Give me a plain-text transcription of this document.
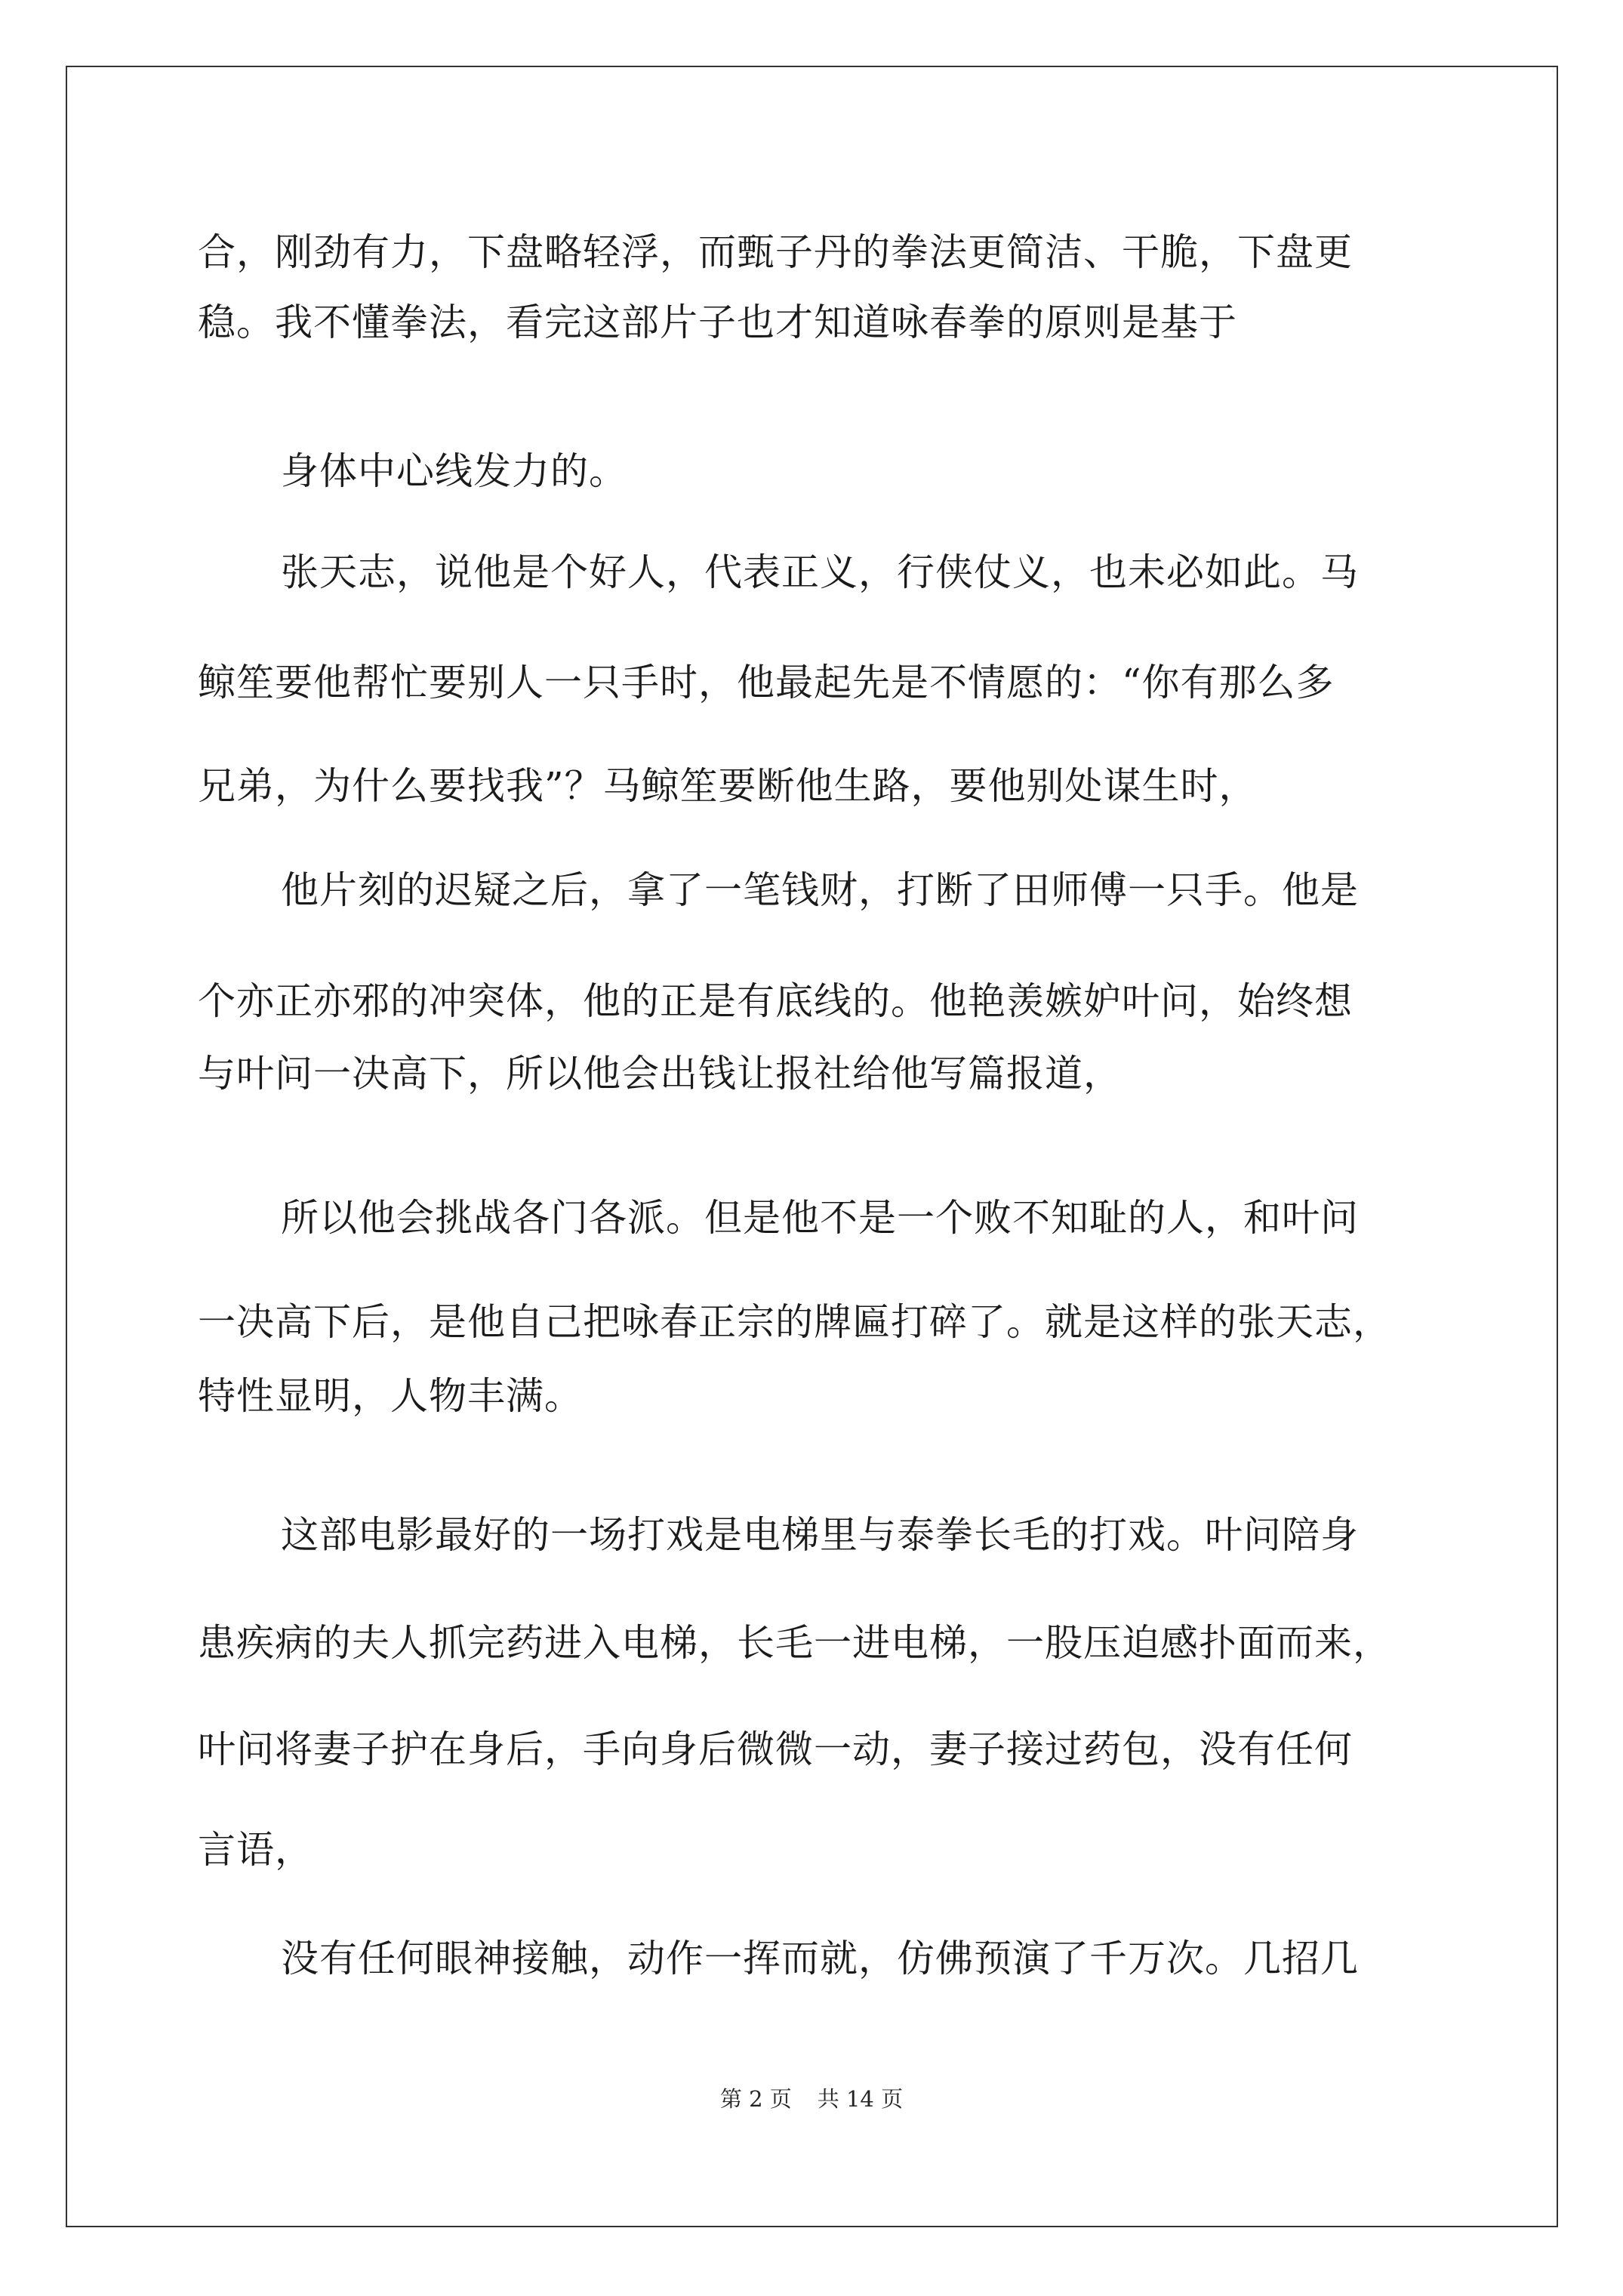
合，刚劲有力，下盘略轻浮，而甄子丹的拳法更简洁、干脆，下盘更
稳。我不懂拳法，看完这部片子也才知道咏春拳的原则是基于
身体中心线发力的。
张天志，说他是个好人，代表正义，行侠仗义，也未必如此。马
鲸笙要他帮忙要别人一只手时，他最起先是不情愿的：“你有那么多
兄弟，为什么要找我”？马鲸笙要断他生路，要他别处谋生时，
他片刻的迟疑之后，拿了一笔钱财，打断了田师傅一只手。他是
个亦正亦邪的冲突体，他的正是有底线的。他艳羡嫉妒叶问，始终想
与叶问一决高下，所以他会出钱让报社给他写篇报道，
所以他会挑战各门各派。但是他不是一个败不知耻的人，和叶问
一决高下后，是他自己把咏春正宗的牌匾打碎了。就是这样的张天志，
特性显明，人物丰满。
这部电影最好的一场打戏是电梯里与泰拳长毛的打戏。叶问陪身
患疾病的夫人抓完药进入电梯，长毛一进电梯，一股压迫感扑面而来，
叶问将妻子护在身后，手向身后微微一动，妻子接过药包，没有任何
言语，
没有任何眼神接触，动作一挥而就，仿佛预演了千万次。几招几
第 2 页 共 14 页
